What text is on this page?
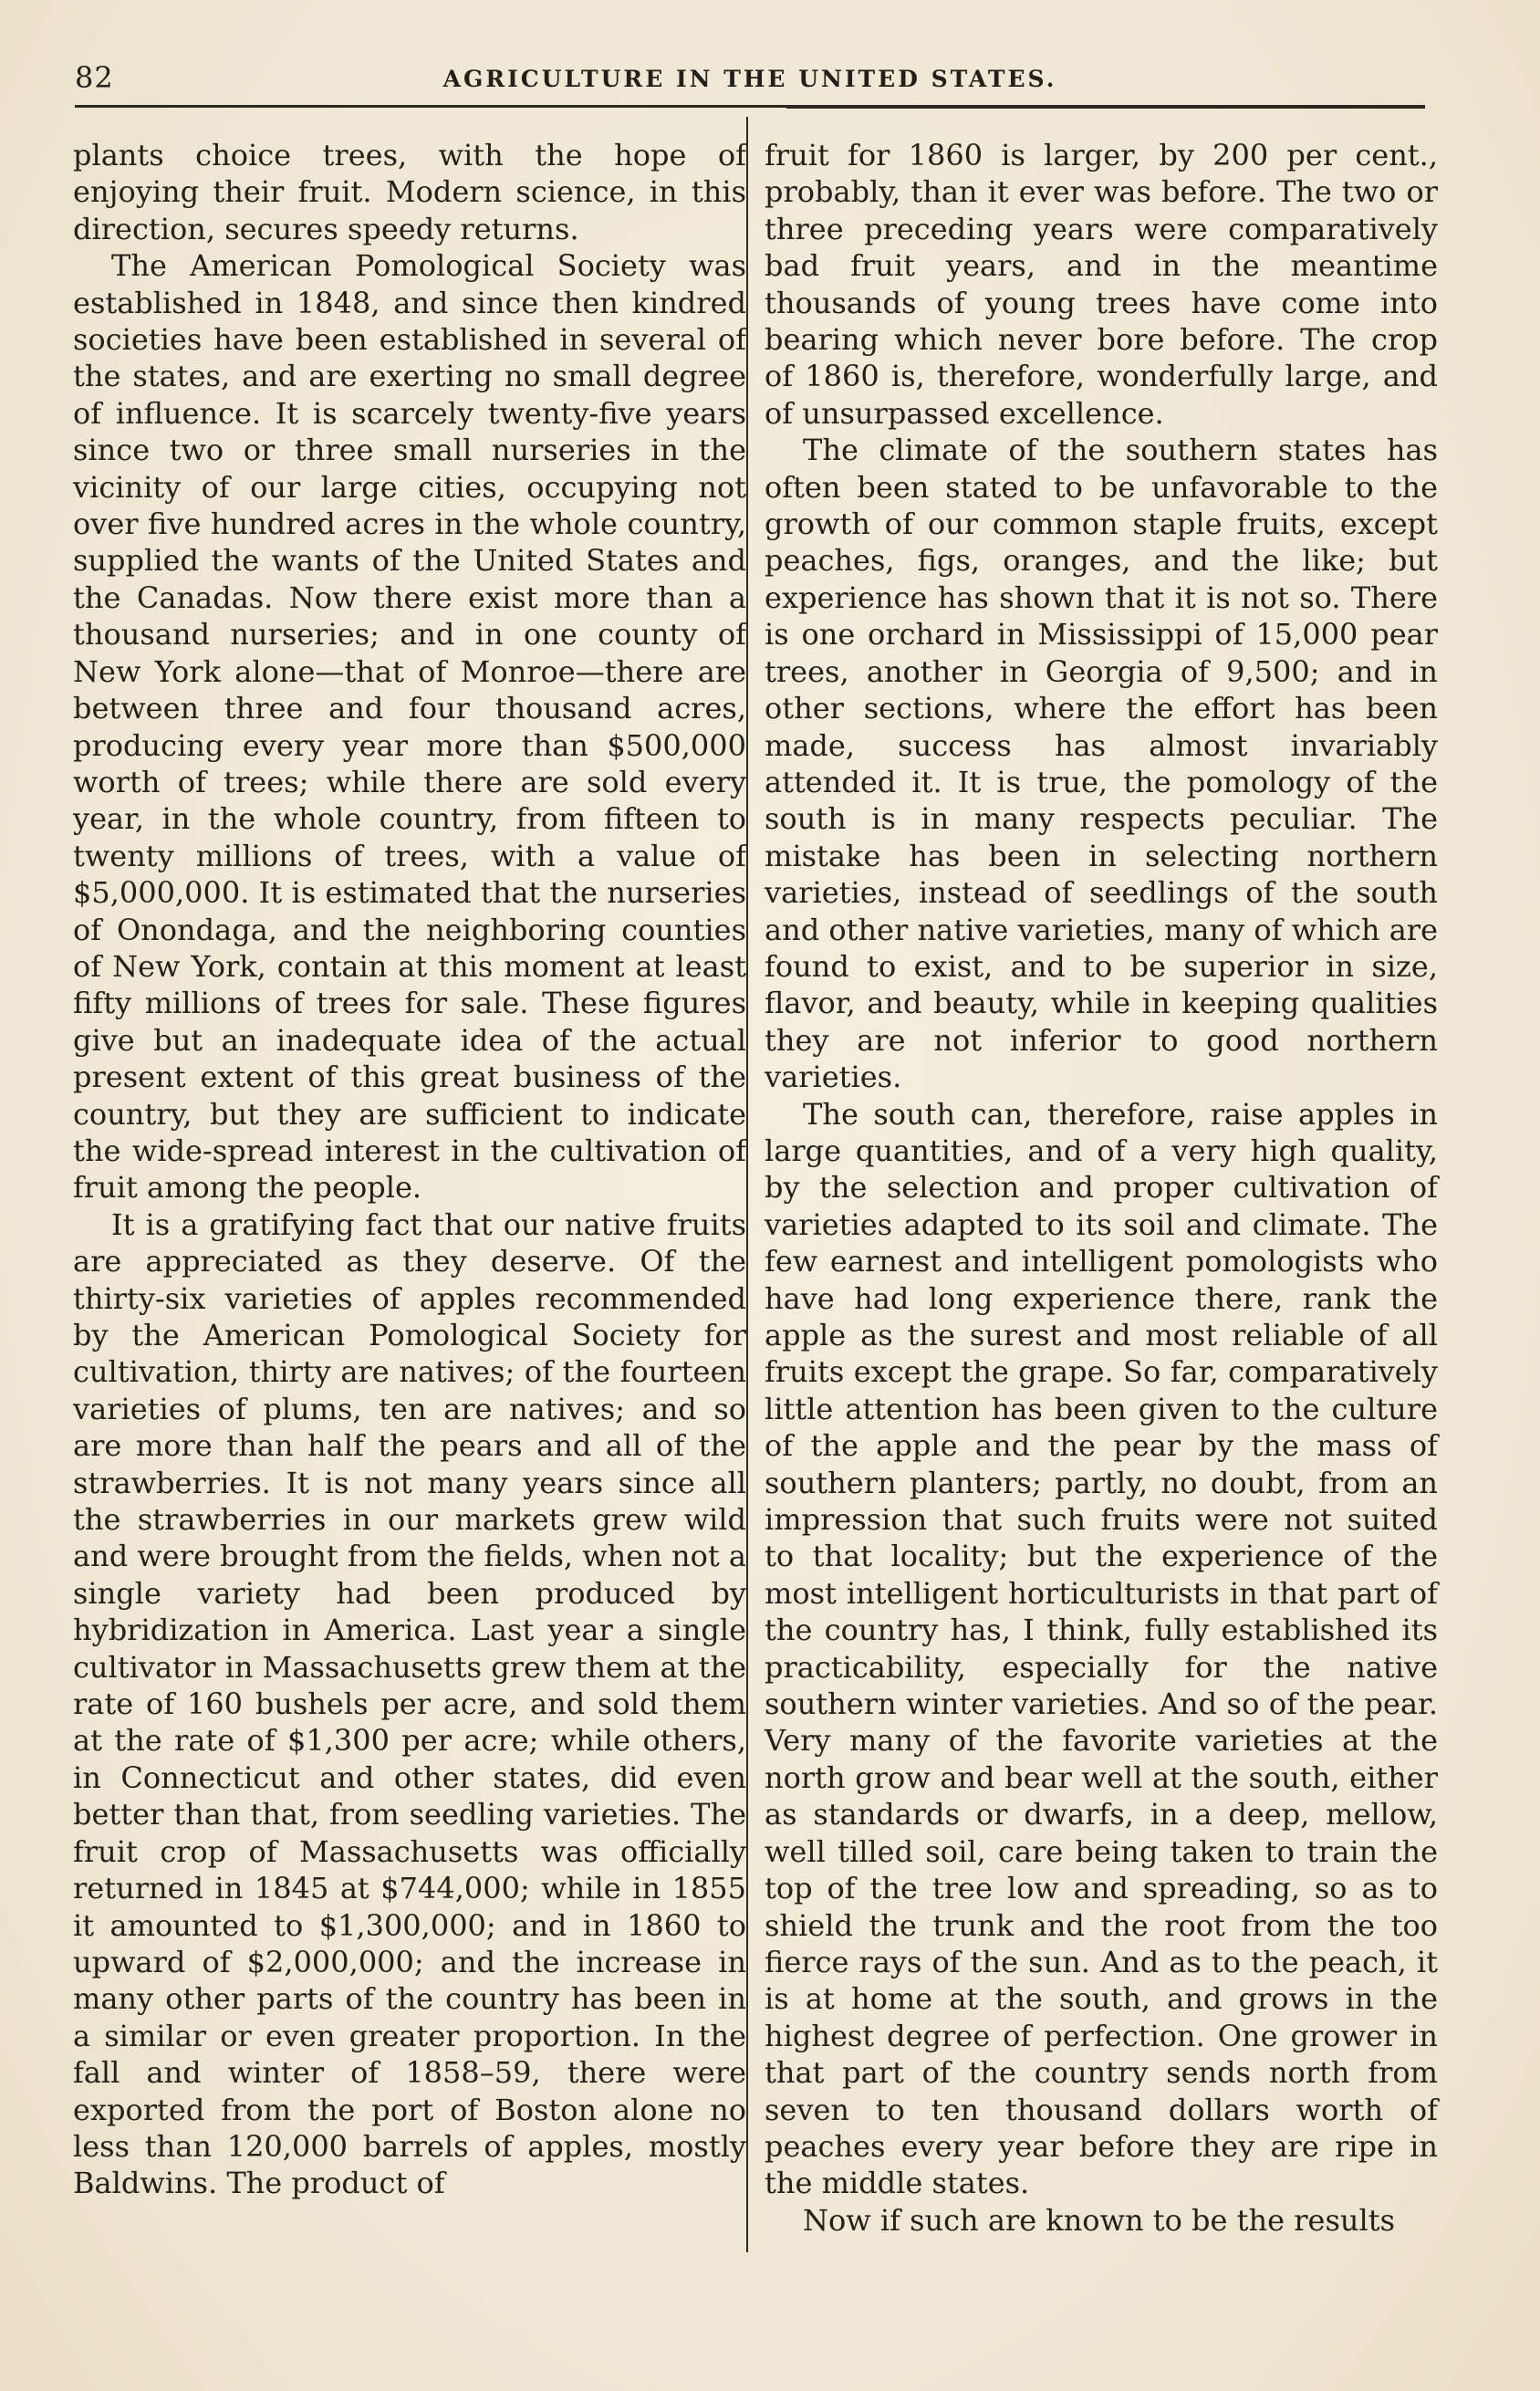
82	AGRICULTURE IN THE UNITED STATES.

plants choice trees, with the hope of enjoying their fruit. Modern science, in this direction, secures speedy returns.

The American Pomological Society was established in 1848, and since then kindred societies have been established in several of the states, and are exerting no small degree of influence. It is scarcely twenty-five years since two or three small nurseries in the vicinity of our large cities, occupying not over five hundred acres in the whole country, supplied the wants of the United States and the Canadas. Now there exist more than a thousand nurseries; and in one county of New York alone—that of Monroe—there are between three and four thousand acres, producing every year more than $500,000 worth of trees; while there are sold every year, in the whole country, from fifteen to twenty millions of trees, with a value of $5,000,000. It is estimated that the nurseries of Onondaga, and the neighboring counties of New York, contain at this moment at least fifty millions of trees for sale. These figures give but an inadequate idea of the actual present extent of this great business of the country, but they are sufficient to indicate the wide-spread interest in the cultivation of fruit among the people.

It is a gratifying fact that our native fruits are appreciated as they deserve. Of the thirty-six varieties of apples recommended by the American Pomological Society for cultivation, thirty are natives; of the fourteen varieties of plums, ten are natives; and so are more than half the pears and all of the strawberries. It is not many years since all the strawberries in our markets grew wild and were brought from the fields, when not a single variety had been produced by hybridization in America. Last year a single cultivator in Massachusetts grew them at the rate of 160 bushels per acre, and sold them at the rate of $1,300 per acre; while others, in Connecticut and other states, did even better than that, from seedling varieties. The fruit crop of Massachusetts was officially returned in 1845 at $744,000; while in 1855 it amounted to $1,300,000; and in 1860 to upward of $2,000,000; and the increase in many other parts of the country has been in a similar or even greater proportion. In the fall and winter of 1858–59, there were exported from the port of Boston alone no less than 120,000 barrels of apples, mostly Baldwins. The product of

fruit for 1860 is larger, by 200 per cent., probably, than it ever was before. The two or three preceding years were comparatively bad fruit years, and in the meantime thousands of young trees have come into bearing which never bore before. The crop of 1860 is, therefore, wonderfully large, and of unsurpassed excellence.

The climate of the southern states has often been stated to be unfavorable to the growth of our common staple fruits, except peaches, figs, oranges, and the like; but experience has shown that it is not so. There is one orchard in Mississippi of 15,000 pear trees, another in Georgia of 9,500; and in other sections, where the effort has been made, success has almost invariably attended it. It is true, the pomology of the south is in many respects peculiar. The mistake has been in selecting northern varieties, instead of seedlings of the south and other native varieties, many of which are found to exist, and to be superior in size, flavor, and beauty, while in keeping qualities they are not inferior to good northern varieties.

The south can, therefore, raise apples in large quantities, and of a very high quality, by the selection and proper cultivation of varieties adapted to its soil and climate. The few earnest and intelligent pomologists who have had long experience there, rank the apple as the surest and most reliable of all fruits except the grape. So far, comparatively little attention has been given to the culture of the apple and the pear by the mass of southern planters; partly, no doubt, from an impression that such fruits were not suited to that locality; but the experience of the most intelligent horticulturists in that part of the country has, I think, fully established its practicability, especially for the native southern winter varieties. And so of the pear. Very many of the favorite varieties at the north grow and bear well at the south, either as standards or dwarfs, in a deep, mellow, well tilled soil, care being taken to train the top of the tree low and spreading, so as to shield the trunk and the root from the too fierce rays of the sun. And as to the peach, it is at home at the south, and grows in the highest degree of perfection. One grower in that part of the country sends north from seven to ten thousand dollars worth of peaches every year before they are ripe in the middle states.

Now if such are known to be the results
